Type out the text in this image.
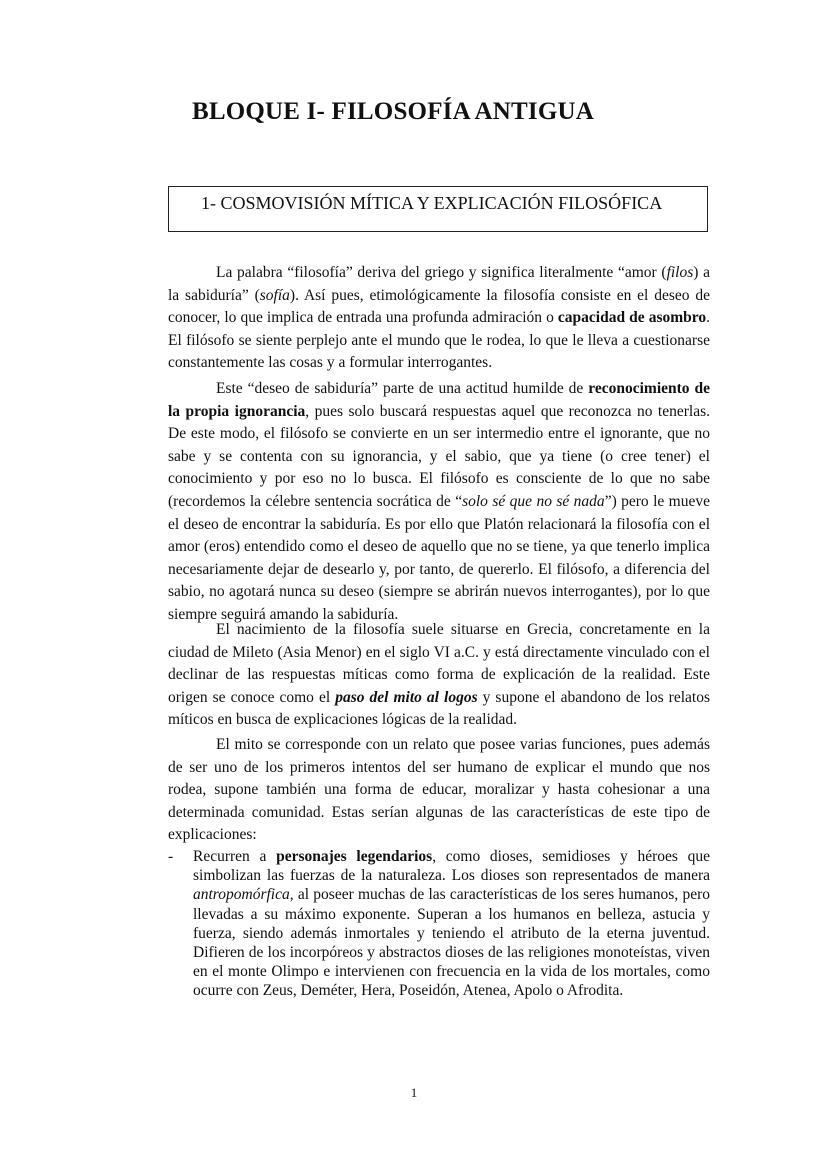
BLOQUE I- FILOSOFÍA ANTIGUA
1- COSMOVISIÓN MÍTICA Y EXPLICACIÓN FILOSÓFICA

La palabra “filosofía” deriva del griego y significa literalmente “amor (filos) a la sabiduría” (sofía). Así pues, etimológicamente la filosofía consiste en el deseo de conocer, lo que implica de entrada una profunda admiración o capacidad de asombro. El filósofo se siente perplejo ante el mundo que le rodea, lo que le lleva a cuestionarse constantemente las cosas y a formular interrogantes.

Este “deseo de sabiduría” parte de una actitud humilde de reconocimiento de la propia ignorancia, pues solo buscará respuestas aquel que reconozca no tenerlas. De este modo, el filósofo se convierte en un ser intermedio entre el ignorante, que no sabe y se contenta con su ignorancia, y el sabio, que ya tiene (o cree tener) el conocimiento y por eso no lo busca. El filósofo es consciente de lo que no sabe (recordemos la célebre sentencia socrática de “solo sé que no sé nada”) pero le mueve el deseo de encontrar la sabiduría. Es por ello que Platón relacionará la filosofía con el amor (eros) entendido como el deseo de aquello que no se tiene, ya que tenerlo implica necesariamente dejar de desearlo y, por tanto, de quererlo. El filósofo, a diferencia del sabio, no agotará nunca su deseo (siempre se abrirán nuevos interrogantes), por lo que siempre seguirá amando la sabiduría.

El nacimiento de la filosofía suele situarse en Grecia, concretamente en la ciudad de Mileto (Asia Menor) en el siglo VI a.C. y está directamente vinculado con el declinar de las respuestas míticas como forma de explicación de la realidad. Este origen se conoce como el paso del mito al logos y supone el abandono de los relatos míticos en busca de explicaciones lógicas de la realidad.

El mito se corresponde con un relato que posee varias funciones, pues además de ser uno de los primeros intentos del ser humano de explicar el mundo que nos rodea, supone también una forma de educar, moralizar y hasta cohesionar a una determinada comunidad. Estas serían algunas de las características de este tipo de explicaciones:

- Recurren a personajes legendarios, como dioses, semidioses y héroes que simbolizan las fuerzas de la naturaleza. Los dioses son representados de manera antropomórfica, al poseer muchas de las características de los seres humanos, pero llevadas a su máximo exponente. Superan a los humanos en belleza, astucia y fuerza, siendo además inmortales y teniendo el atributo de la eterna juventud. Difieren de los incorpóreos y abstractos dioses de las religiones monoteístas, viven en el monte Olimpo e intervienen con frecuencia en la vida de los mortales, como ocurre con Zeus, Deméter, Hera, Poseidón, Atenea, Apolo o Afrodita.
1
